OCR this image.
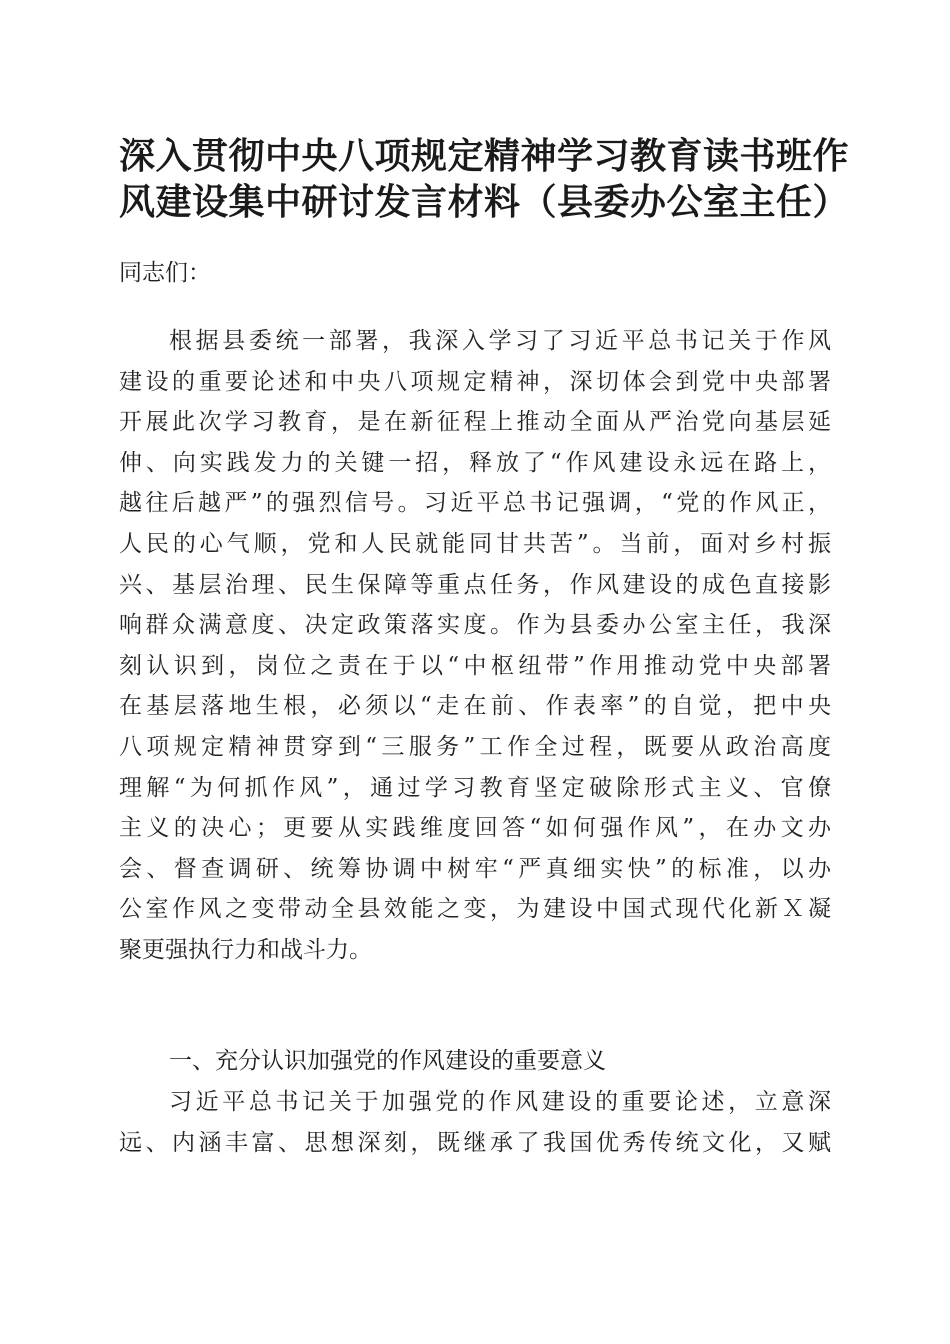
深入贯彻中央八项规定精神学习教育读书班作
风建设集中研讨发言材料（县委办公室主任）
同志们：
根据县委统一部署，我深入学习了习近平总书记关于作风
建设的重要论述和中央八项规定精神，深切体会到党中央部署
开展此次学习教育，是在新征程上推动全面从严治党向基层延
伸、向实践发力的关键一招，释放了“作风建设永远在路上，
越往后越严”的强烈信号。习近平总书记强调，“党的作风正，
人民的心气顺，党和人民就能同甘共苦”。当前，面对乡村振
兴、基层治理、民生保障等重点任务，作风建设的成色直接影
响群众满意度、决定政策落实度。作为县委办公室主任，我深
刻认识到，岗位之责在于以“中枢纽带”作用推动党中央部署
在基层落地生根，必须以“走在前、作表率”的自觉，把中央
八项规定精神贯穿到“三服务”工作全过程，既要从政治高度
理解“为何抓作风”，通过学习教育坚定破除形式主义、官僚
主义的决心；更要从实践维度回答“如何强作风”，在办文办
会、督查调研、统筹协调中树牢“严真细实快”的标准，以办
公室作风之变带动全县效能之变，为建设中国式现代化新Ｘ凝
聚更强执行力和战斗力。
一、充分认识加强党的作风建设的重要意义
习近平总书记关于加强党的作风建设的重要论述，立意深
远、内涵丰富、思想深刻，既继承了我国优秀传统文化，又赋
